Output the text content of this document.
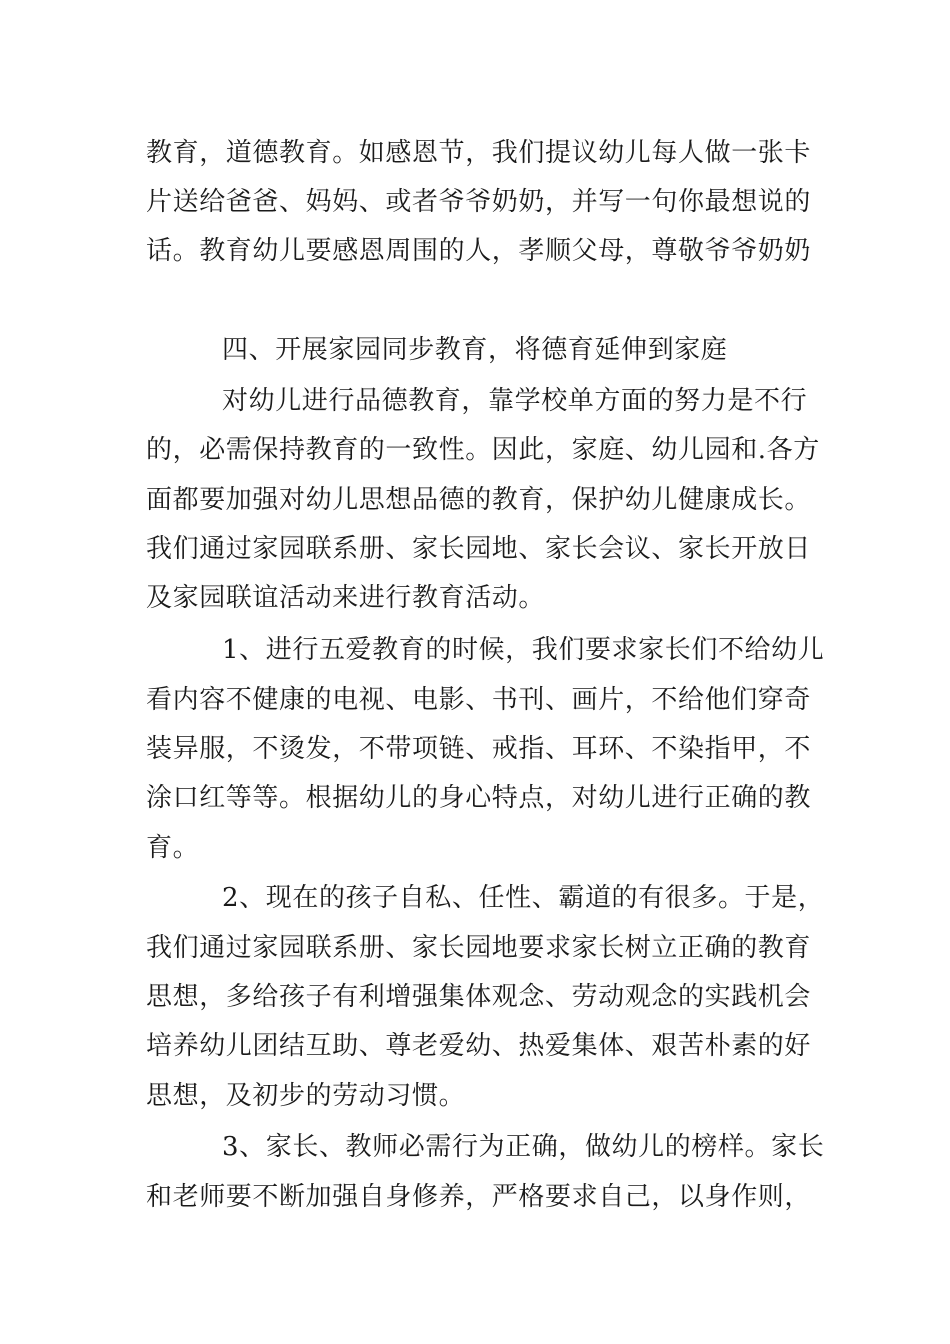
教育，道德教育。如感恩节，我们提议幼儿每人做一张卡
片送给爸爸、妈妈、或者爷爷奶奶，并写一句你最想说的
话。教育幼儿要感恩周围的人，孝顺父母，尊敬爷爷奶奶
四、开展家园同步教育，将德育延伸到家庭
对幼儿进行品德教育，靠学校单方面的努力是不行
的，必需保持教育的一致性。因此，家庭、幼儿园和.各方
面都要加强对幼儿思想品德的教育，保护幼儿健康成长。
我们通过家园联系册、家长园地、家长会议、家长开放日
及家园联谊活动来进行教育活动。
1、进行五爱教育的时候，我们要求家长们不给幼儿
看内容不健康的电视、电影、书刊、画片，不给他们穿奇
装异服，不烫发，不带项链、戒指、耳环、不染指甲，不
涂口红等等。根据幼儿的身心特点，对幼儿进行正确的教
育。
2、现在的孩子自私、任性、霸道的有很多。于是，
我们通过家园联系册、家长园地要求家长树立正确的教育
思想，多给孩子有利增强集体观念、劳动观念的实践机会
培养幼儿团结互助、尊老爱幼、热爱集体、艰苦朴素的好
思想，及初步的劳动习惯。
3、家长、教师必需行为正确，做幼儿的榜样。家长
和老师要不断加强自身修养，严格要求自己，以身作则，
